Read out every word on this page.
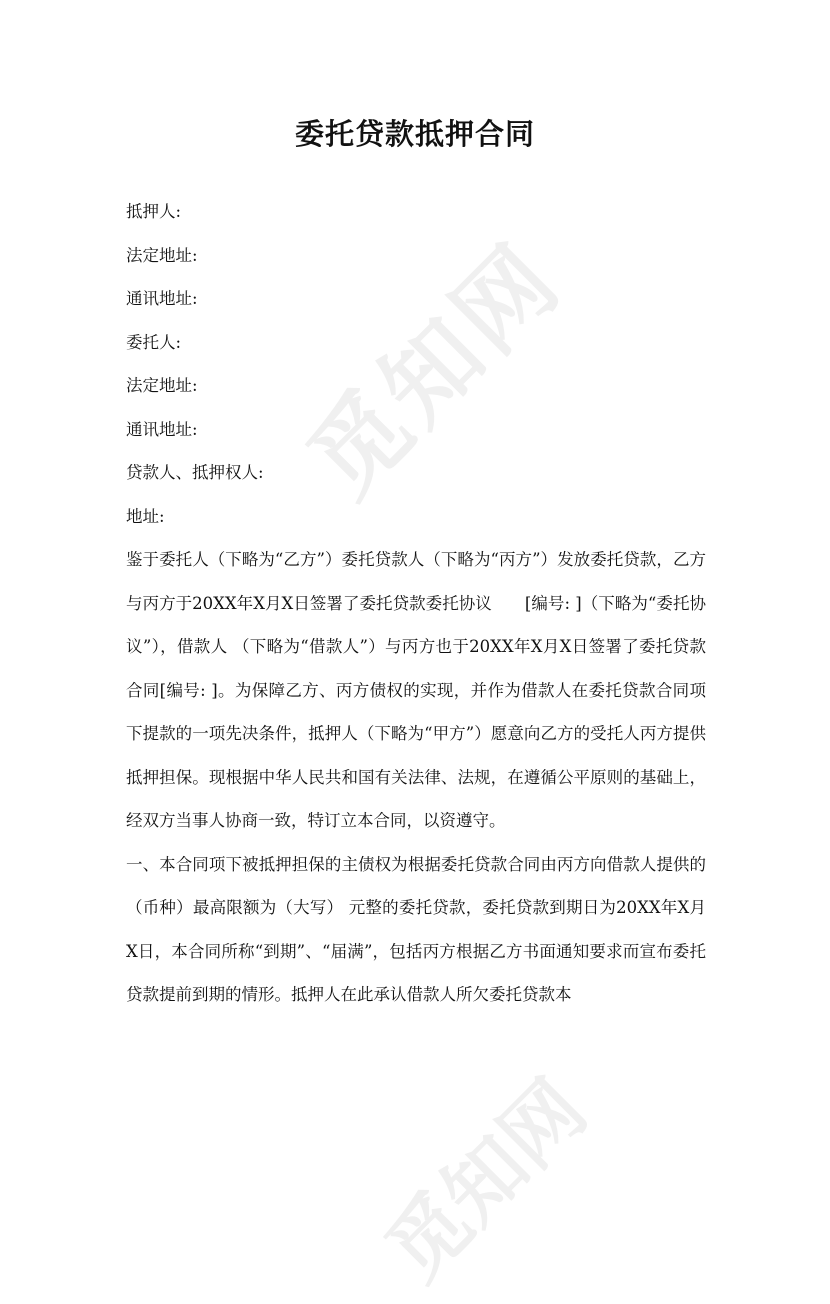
觅知网
觅知网
委托贷款抵押合同

抵押人:

法定地址:

通讯地址:

委托人:

法定地址:

通讯地址:

贷款人、抵押权人:

地址:

鉴于委托人（下略为“乙方”）委托贷款人（下略为“丙方”）发放委托贷款，乙方与丙方于20XX年X月X日签署了委托贷款委托协议　　[编号: ]（下略为“委托协议”），借款人 （下略为“借款人”）与丙方也于20XX年X月X日签署了委托贷款合同[编号: ]。为保障乙方、丙方债权的实现，并作为借款人在委托贷款合同项下提款的一项先决条件，抵押人（下略为“甲方”）愿意向乙方的受托人丙方提供抵押担保。现根据中华人民共和国有关法律、法规，在遵循公平原则的基础上，经双方当事人协商一致，特订立本合同，以资遵守。

一、本合同项下被抵押担保的主债权为根据委托贷款合同由丙方向借款人提供的 （币种）最高限额为（大写） 元整的委托贷款，委托贷款到期日为20XX年X月X日，本合同所称“到期”、“届满”，包括丙方根据乙方书面通知要求而宣布委托贷款提前到期的情形。抵押人在此承认借款人所欠委托贷款本
